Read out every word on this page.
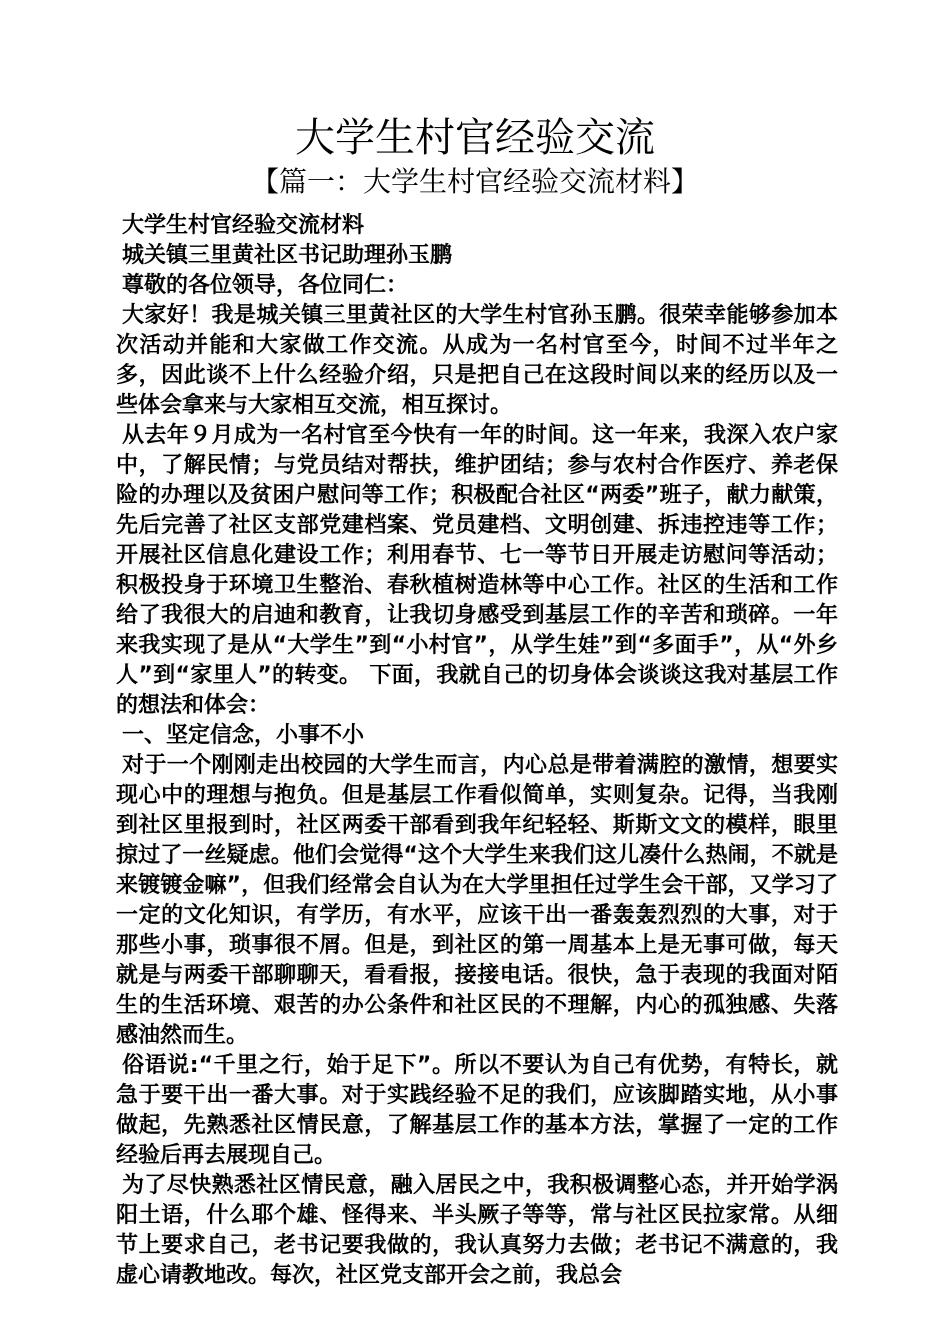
大学生村官经验交流
【篇一：大学生村官经验交流材料】

大学生村官经验交流材料

城关镇三里黄社区书记助理孙玉鹏

尊敬的各位领导，各位同仁：

大家好！我是城关镇三里黄社区的大学生村官孙玉鹏。很荣幸能够参加本次活动并能和大家做工作交流。从成为一名村官至今，时间不过半年之多，因此谈不上什么经验介绍，只是把自己在这段时间以来的经历以及一些体会拿来与大家相互交流，相互探讨。

从去年９月成为一名村官至今快有一年的时间。这一年来，我深入农户家中，了解民情；与党员结对帮扶，维护团结；参与农村合作医疗、养老保险的办理以及贫困户慰问等工作；积极配合社区“两委”班子，献力献策，先后完善了社区支部党建档案、党员建档、文明创建、拆违控违等工作；开展社区信息化建设工作；利用春节、七一等节日开展走访慰问等活动；积极投身于环境卫生整治、春秋植树造林等中心工作。社区的生活和工作给了我很大的启迪和教育，让我切身感受到基层工作的辛苦和琐碎。一年来我实现了是从“大学生”到“小村官”，从学生娃”到“多面手”，从“外乡人”到“家里人”的转变。 下面，我就自己的切身体会谈谈这我对基层工作的想法和体会：

一、坚定信念，小事不小

对于一个刚刚走出校园的大学生而言，内心总是带着满腔的激情，想要实现心中的理想与抱负。但是基层工作看似简单，实则复杂。记得，当我刚到社区里报到时，社区两委干部看到我年纪轻轻、斯斯文文的模样，眼里掠过了一丝疑虑。他们会觉得“这个大学生来我们这儿凑什么热闹，不就是来镀镀金嘛”，但我们经常会自认为在大学里担任过学生会干部，又学习了一定的文化知识，有学历，有水平，应该干出一番轰轰烈烈的大事，对于那些小事，琐事很不屑。但是，到社区的第一周基本上是无事可做，每天就是与两委干部聊聊天，看看报，接接电话。很快，急于表现的我面对陌生的生活环境、艰苦的办公条件和社区民的不理解，内心的孤独感、失落感油然而生。

俗语说:“千里之行，始于足下”。所以不要认为自己有优势，有特长，就急于要干出一番大事。对于实践经验不足的我们，应该脚踏实地，从小事做起，先熟悉社区情民意，了解基层工作的基本方法，掌握了一定的工作经验后再去展现自己。

为了尽快熟悉社区情民意，融入居民之中，我积极调整心态，并开始学涡阳土语，什么耶个雄、怪得来、半头厥子等等，常与社区民拉家常。从细节上要求自己，老书记要我做的，我认真努力去做；老书记不满意的，我虚心请教地改。每次，社区党支部开会之前，我总会
